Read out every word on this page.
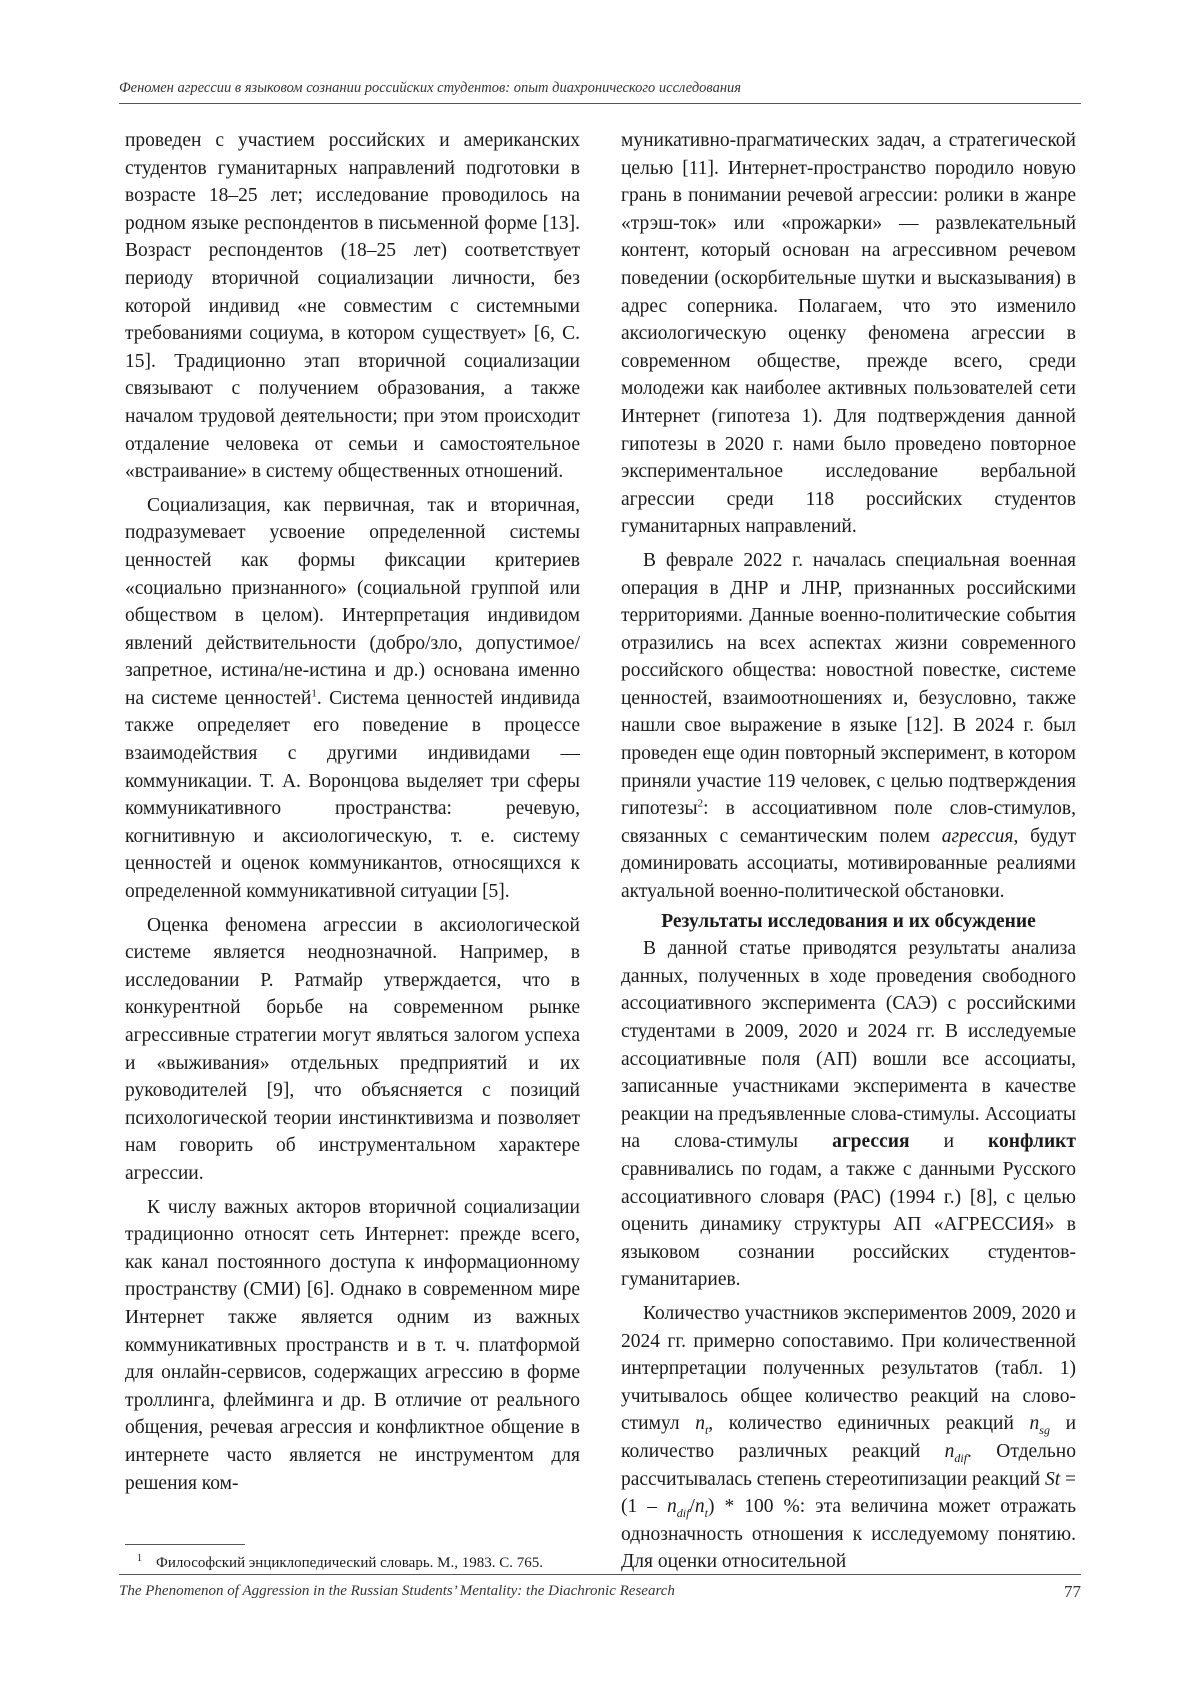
Феномен агрессии в языковом сознании российских студентов: опыт диахронического исследования

проведен с участием российских и американских студентов гуманитарных направлений подготовки в возрасте 18–25 лет; исследование проводилось на родном языке респондентов в письменной форме [13]. Возраст респондентов (18–25 лет) соответствует периоду вторичной социализации личности, без которой индивид «не совместим с системными требованиями социума, в котором существует» [6, С. 15]. Традиционно этап вторичной социализации связывают с получением образования, а также началом трудовой деятельности; при этом происходит отдаление человека от семьи и самостоятельное «встраивание» в систему общественных отношений.

Социализация, как первичная, так и вторичная, подразумевает усвоение определенной системы ценностей как формы фиксации критериев «социально признанного» (социальной группой или обществом в целом). Интерпретация индивидом явлений действительности (добро/зло, допустимое/запретное, истина/не-истина и др.) основана именно на системе ценностей$^1$. Система ценностей индивида также определяет его поведение в процессе взаимодействия с другими индивидами — коммуникации. Т. А. Воронцова выделяет три сферы коммуникативного пространства: речевую, когнитивную и аксиологическую, т. е. систему ценностей и оценок коммуникантов, относящихся к определенной коммуникативной ситуации [5].

Оценка феномена агрессии в аксиологической системе является неоднозначной. Например, в исследовании Р. Ратмайр утверждается, что в конкурентной борьбе на современном рынке агрессивные стратегии могут являться залогом успеха и «выживания» отдельных предприятий и их руководителей [9], что объясняется с позиций психологической теории инстинктивизма и позволяет нам говорить об инструментальном характере агрессии.

К числу важных акторов вторичной социализации традиционно относят сеть Интернет: прежде всего, как канал постоянного доступа к информационному пространству (СМИ) [6]. Однако в современном мире Интернет также является одним из важных коммуникативных пространств и в т. ч. платформой для онлайн-сервисов, содержащих агрессию в форме троллинга, флейминга и др. В отличие от реального общения, речевая агрессия и конфликтное общение в интернете часто является не инструментом для решения ком-

$^1$ Философский энциклопедический словарь. М., 1983. С. 765.

муникативно-прагматических задач, а стратегической целью [11]. Интернет-пространство породило новую грань в понимании речевой агрессии: ролики в жанре «трэш-ток» или «прожарки» — развлекательный контент, который основан на агрессивном речевом поведении (оскорбительные шутки и высказывания) в адрес соперника. Полагаем, что это изменило аксиологическую оценку феномена агрессии в современном обществе, прежде всего, среди молодежи как наиболее активных пользователей сети Интернет (гипотеза 1). Для подтверждения данной гипотезы в 2020 г. нами было проведено повторное экспериментальное исследование вербальной агрессии среди 118 российских студентов гуманитарных направлений.

В феврале 2022 г. началась специальная военная операция в ДНР и ЛНР, признанных российскими территориями. Данные военно-политические события отразились на всех аспектах жизни современного российского общества: новостной повестке, системе ценностей, взаимоотношениях и, безусловно, также нашли свое выражение в языке [12]. В 2024 г. был проведен еще один повторный эксперимент, в котором приняли участие 119 человек, с целью подтверждения гипотезы$^2$: в ассоциативном поле слов-стимулов, связанных с семантическим полем агрессия, будут доминировать ассоциаты, мотивированные реалиями актуальной военно-политической обстановки.

Результаты исследования и их обсуждение

В данной статье приводятся результаты анализа данных, полученных в ходе проведения свободного ассоциативного эксперимента (САЭ) с российскими студентами в 2009, 2020 и 2024 гг. В исследуемые ассоциативные поля (АП) вошли все ассоциаты, записанные участниками эксперимента в качестве реакции на предъявленные слова-стимулы. Ассоциаты на слова-стимулы агрессия и конфликт сравнивались по годам, а также с данными Русского ассоциативного словаря (РАС) (1994 г.) [8], с целью оценить динамику структуры АП «АГРЕССИЯ» в языковом сознании российских студентов-гуманитариев.

Количество участников экспериментов 2009, 2020 и 2024 гг. примерно сопоставимо. При количественной интерпретации полученных результатов (табл. 1) учитывалось общее количество реакций на слово-стимул $n_t$, количество единичных реакций $n_{sg}$ и количество различных реакций $n_{dif}$. Отдельно рассчитывалась степень стереотипизации реакций $St = (1 - n_{dif}/n_t) * 100$ %: эта величина может отражать однозначность отношения к исследуемому понятию. Для оценки относительной

The Phenomenon of Aggression in the Russian Students’ Mentality: the Diachronic Research	77
